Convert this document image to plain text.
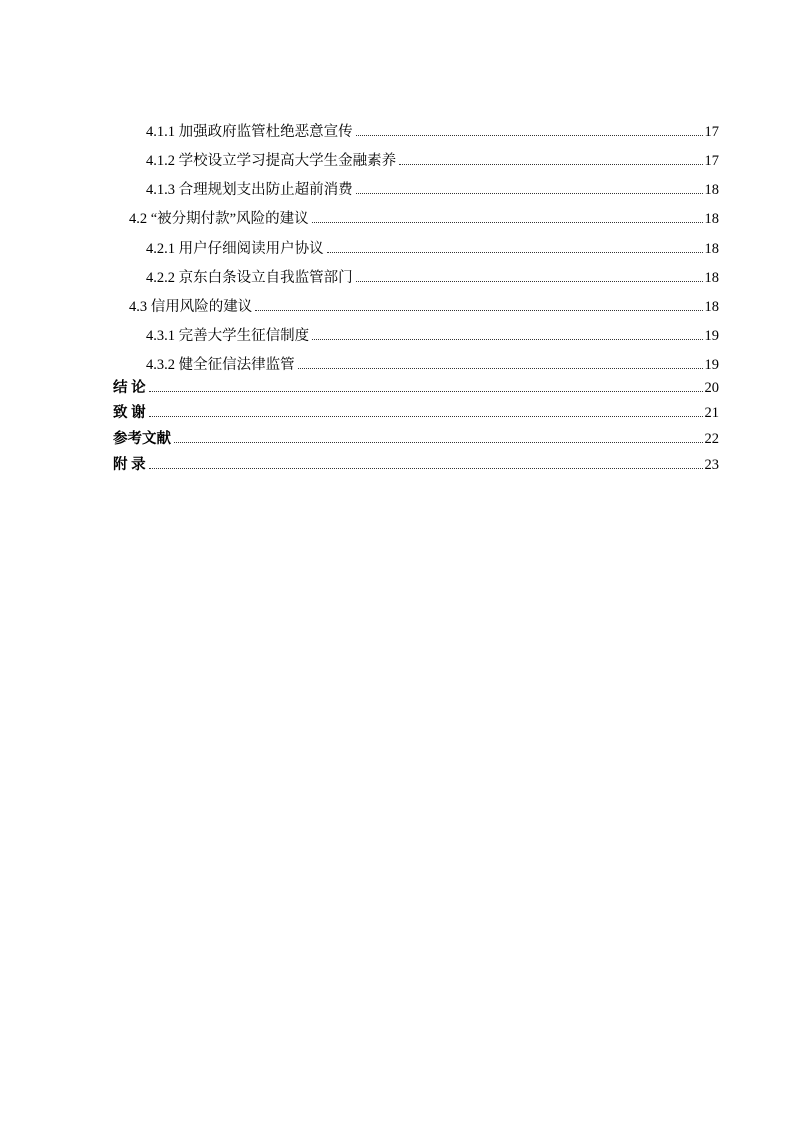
4.1.1 加强政府监管杜绝恶意宣传	17
4.1.2 学校设立学习提高大学生金融素养	17
4.1.3 合理规划支出防止超前消费	18
4.2 “被分期付款”风险的建议	18
4.2.1 用户仔细阅读用户协议	18
4.2.2 京东白条设立自我监管部门	18
4.3 信用风险的建议	18
4.3.1 完善大学生征信制度	19
4.3.2 健全征信法律监管	19
结 论	20
致 谢	21
参考文献	22
附 录	23
